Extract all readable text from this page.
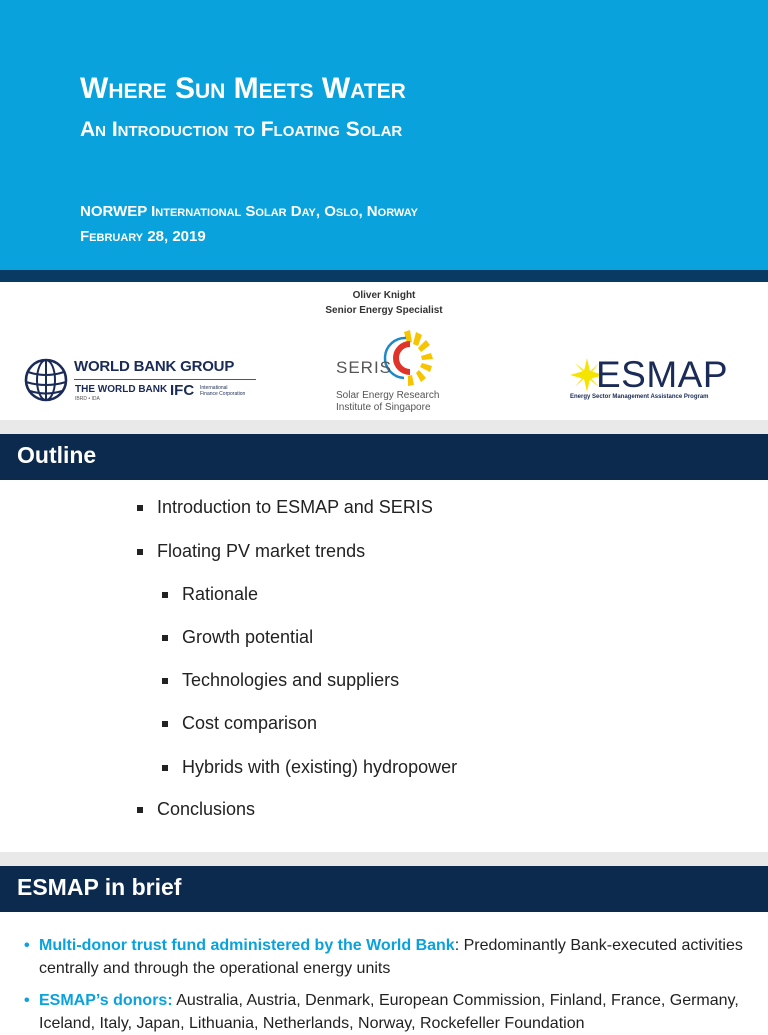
Where Sun Meets Water
An Introduction to Floating Solar
NORWEP International Solar Day, Oslo, Norway
February 28, 2019
Oliver Knight
Senior Energy Specialist
WORLD BANK GROUP
THE WORLD BANK
IBRD • IDA	IFC International
Finance Corporation
SERIS
Solar Energy Research
Institute of Singapore
ESMAP
Energy Sector Management Assistance Program
Outline
Introduction to ESMAP and SERIS
Floating PV market trends
Rationale
Growth potential
Technologies and suppliers
Cost comparison
Hybrids with (existing) hydropower
Conclusions
ESMAP in brief
• Multi-donor trust fund administered by the World Bank: Predominantly Bank-executed activities centrally and through the operational energy units
• ESMAP’s donors: Australia, Austria, Denmark, European Commission, Finland, France, Germany, Iceland, Italy, Japan, Lithuania, Netherlands, Norway, Rockefeller Foundation
